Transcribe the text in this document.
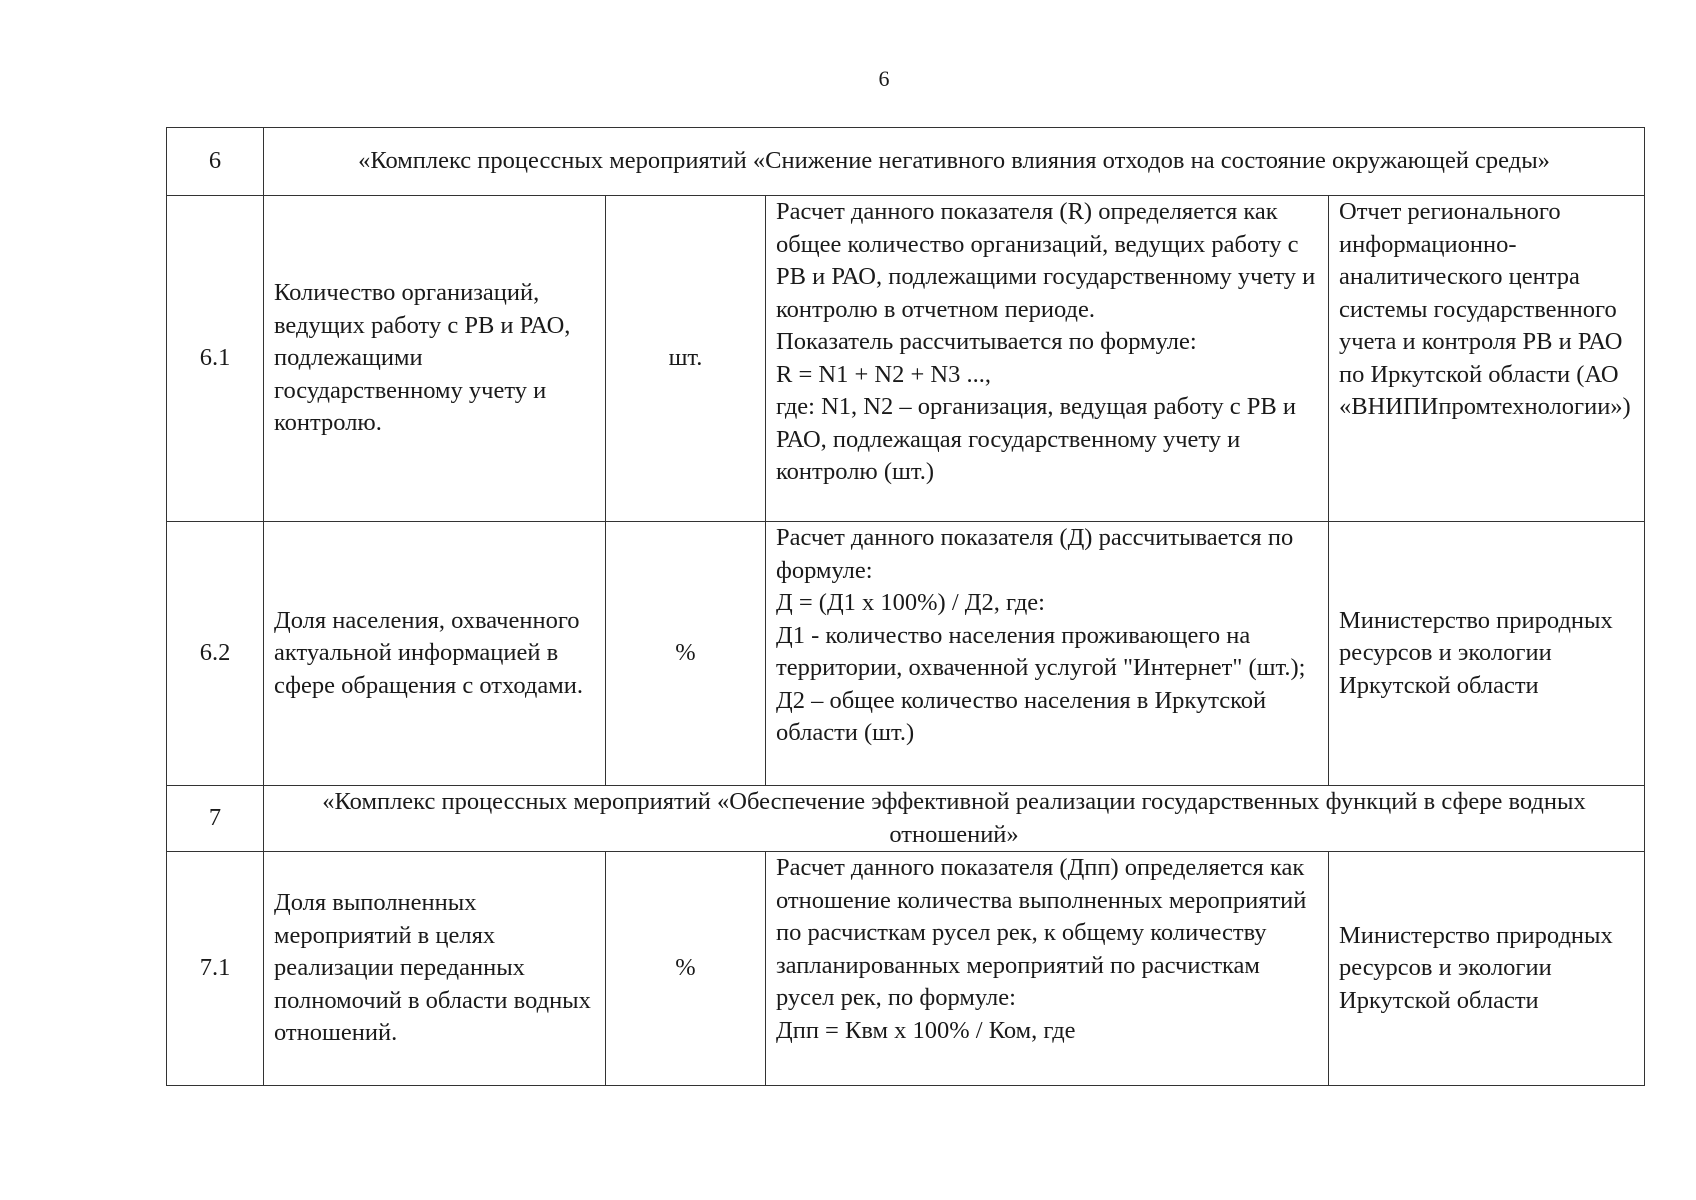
6
6	«Комплекс процессных мероприятий «Снижение негативного влияния отходов на состояние окружающей среды»			
6.1	Количество организаций, ведущих работу с РВ и РАО, подлежащими государственному учету и контролю.	шт.	Расчет данного показателя (R) определяется как общее количество организаций, ведущих работу с РВ и РАО, подлежащими государственному учету и контролю в отчетном периоде.
Показатель рассчитывается по формуле:
R = N1 + N2 + N3 ...,
где: N1, N2 – организация, ведущая работу с РВ и РАО, подлежащая государственному учету и контролю (шт.)	Отчет регионального информационно-аналитического центра системы государственного учета и контроля РВ и РАО по Иркутской области (АО «ВНИПИпромтехнологии»)
6.2	Доля населения, охваченного актуальной информацией в сфере обращения с отходами.	%	Расчет данного показателя (Д) рассчитывается по формуле:
Д = (Д1 х 100%) / Д2, где:
Д1 - количество населения проживающего на территории, охваченной услугой "Интернет" (шт.);
Д2 – общее количество населения в Иркутской области (шт.)	Министерство природных ресурсов и экологии Иркутской области
7	«Комплекс процессных мероприятий «Обеспечение эффективной реализации государственных функций в сфере водных отношений»			
7.1	Доля выполненных мероприятий в целях реализации переданных полномочий в области водных отношений.	%	Расчет данного показателя (Дпп) определяется как отношение количества выполненных мероприятий по расчисткам русел рек, к общему количеству запланированных мероприятий по расчисткам русел рек, по формуле:
Дпп = Квм х 100% / Ком, где	Министерство природных ресурсов и экологии Иркутской области
